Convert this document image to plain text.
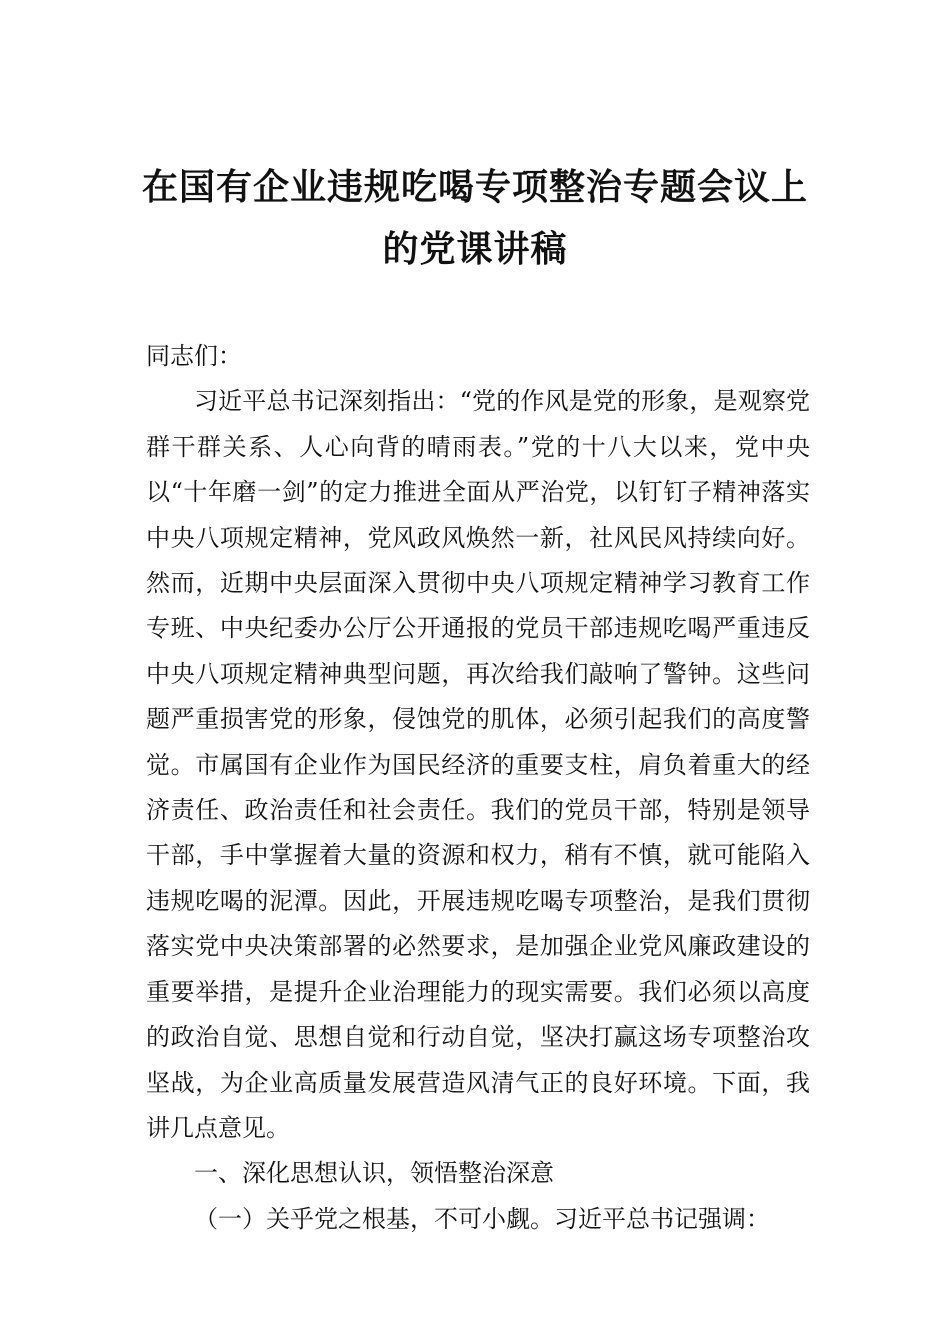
在国有企业违规吃喝专项整治专题会议上
的党课讲稿

同志们：

习近平总书记深刻指出：“党的作风是党的形象，是观察党群干群关系、人心向背的晴雨表。”党的十八大以来，党中央以“十年磨一剑”的定力推进全面从严治党，以钉钉子精神落实中央八项规定精神，党风政风焕然一新，社风民风持续向好。然而，近期中央层面深入贯彻中央八项规定精神学习教育工作专班、中央纪委办公厅公开通报的党员干部违规吃喝严重违反中央八项规定精神典型问题，再次给我们敲响了警钟。这些问题严重损害党的形象，侵蚀党的肌体，必须引起我们的高度警觉。市属国有企业作为国民经济的重要支柱，肩负着重大的经济责任、政治责任和社会责任。我们的党员干部，特别是领导干部，手中掌握着大量的资源和权力，稍有不慎，就可能陷入违规吃喝的泥潭。因此，开展违规吃喝专项整治，是我们贯彻落实党中央决策部署的必然要求，是加强企业党风廉政建设的重要举措，是提升企业治理能力的现实需要。我们必须以高度的政治自觉、思想自觉和行动自觉，坚决打赢这场专项整治攻坚战，为企业高质量发展营造风清气正的良好环境。下面，我讲几点意见。

一、深化思想认识，领悟整治深意

（一）关乎党之根基，不可小觑。习近平总书记强调：
